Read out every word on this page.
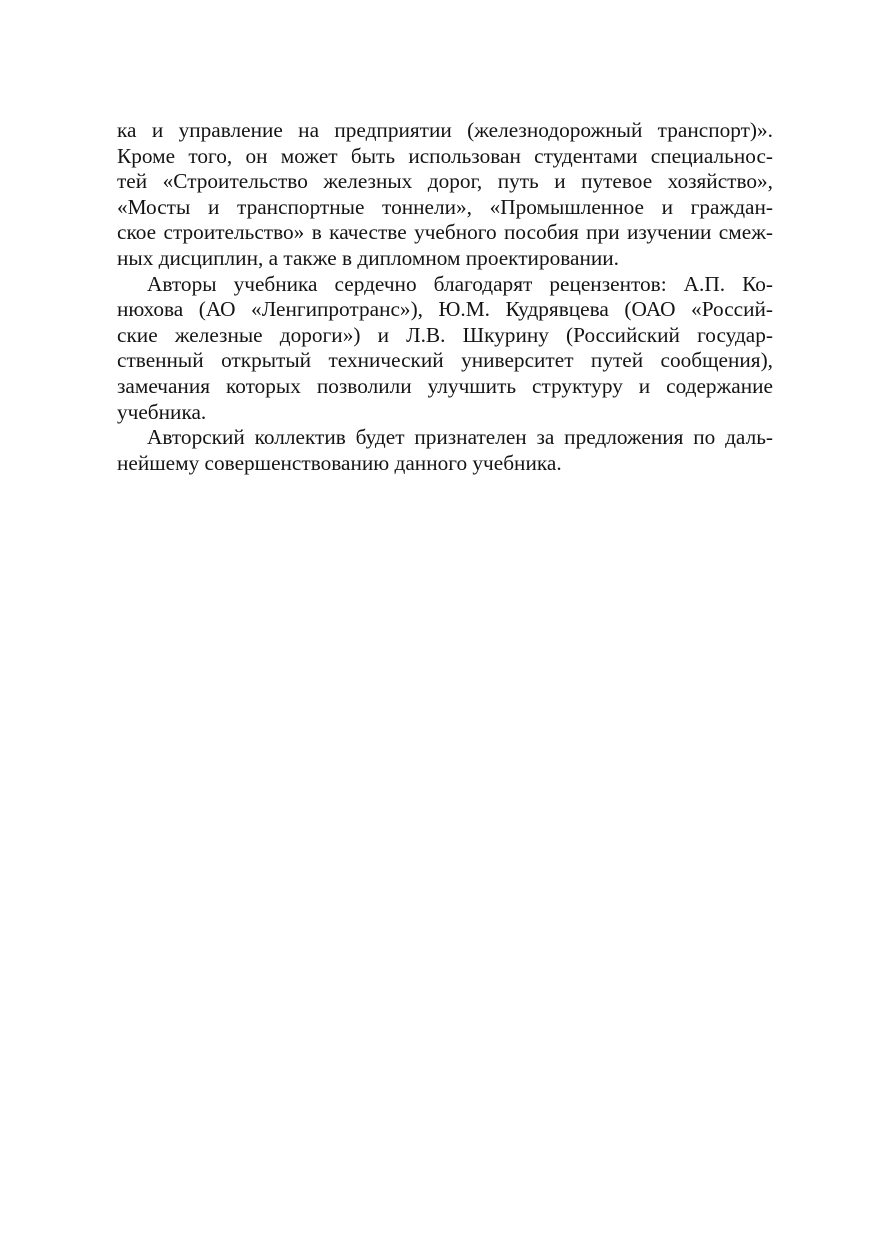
ка и управление на предприятии (железнодорожный транспорт)».
Кроме того, он может быть использован студентами специальнос-
тей «Строительство железных дорог, путь и путевое хозяйство»,
«Мосты и транспортные тоннели», «Промышленное и граждан-
ское строительство» в качестве учебного пособия при изучении смеж-
ных дисциплин, а также в дипломном проектировании.
Авторы учебника сердечно благодарят рецензентов: А.П. Ко-
нюхова (АО «Ленгипротранс»), Ю.М. Кудрявцева (ОАО «Россий-
ские железные дороги») и Л.В. Шкурину (Российский государ-
ственный открытый технический университет путей сообщения),
замечания которых позволили улучшить структуру и содержание
учебника.
Авторский коллектив будет признателен за предложения по даль-
нейшему совершенствованию данного учебника.
